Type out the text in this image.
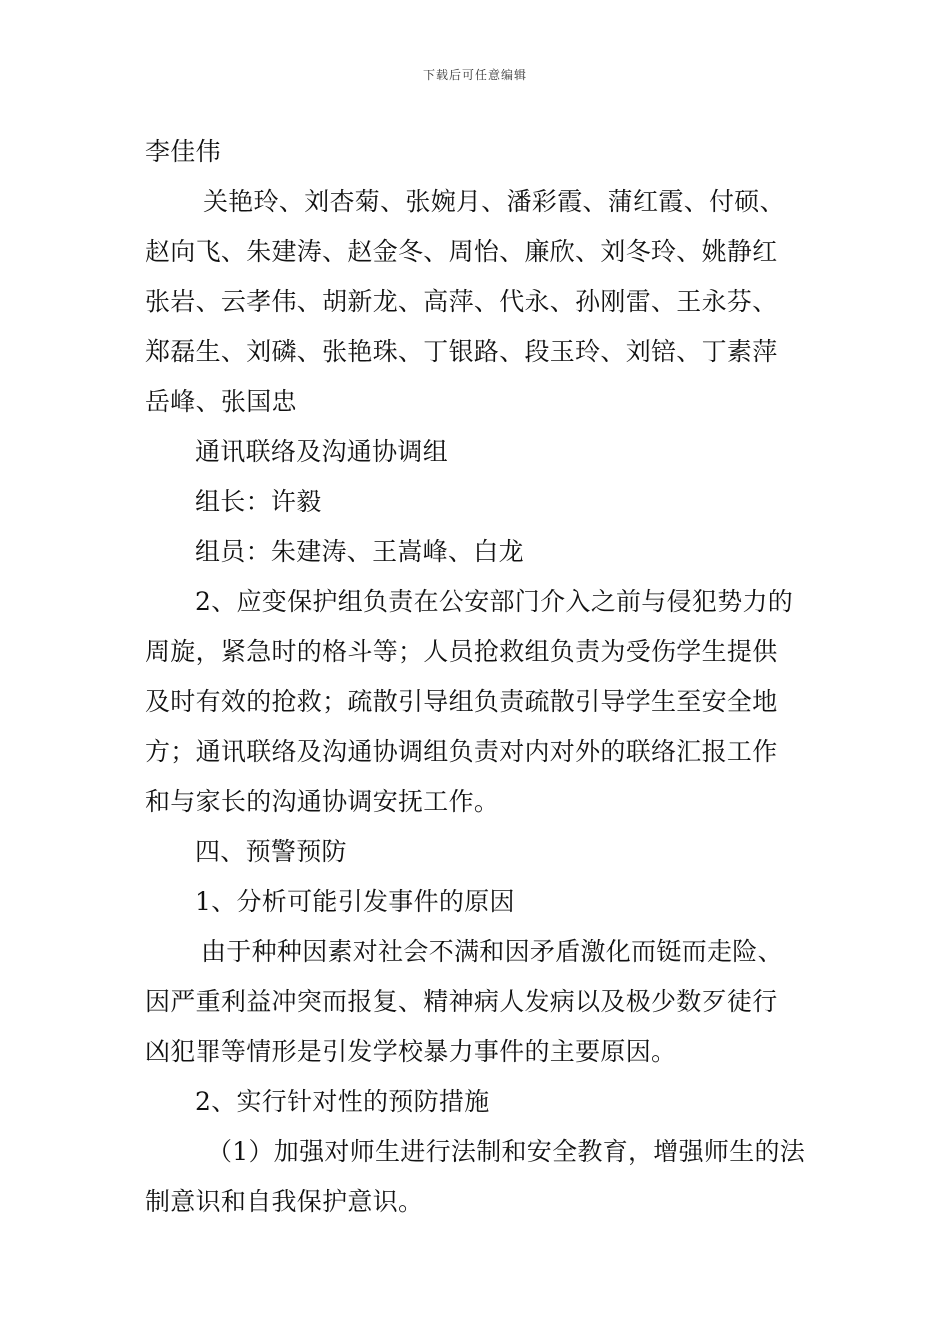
下载后可任意编辑
李佳伟
关艳玲、刘杏菊、张婉月、潘彩霞、蒲红霞、付硕、
赵向飞、朱建涛、赵金冬、周怡、廉欣、刘冬玲、姚静红
张岩、云孝伟、胡新龙、高萍、代永、孙刚雷、王永芬、
郑磊生、刘磷、张艳珠、丁银路、段玉玲、刘锫、丁素萍
岳峰、张国忠
通讯联络及沟通协调组
组长：许毅
组员：朱建涛、王嵩峰、白龙
2、应变保护组负责在公安部门介入之前与侵犯势力的
周旋，紧急时的格斗等；人员抢救组负责为受伤学生提供
及时有效的抢救；疏散引导组负责疏散引导学生至安全地
方；通讯联络及沟通协调组负责对内对外的联络汇报工作
和与家长的沟通协调安抚工作。
四、预警预防
1、分析可能引发事件的原因
由于种种因素对社会不满和因矛盾激化而铤而走险、
因严重利益冲突而报复、精神病人发病以及极少数歹徒行
凶犯罪等情形是引发学校暴力事件的主要原因。
2、实行针对性的预防措施
（1）加强对师生进行法制和安全教育，增强师生的法
制意识和自我保护意识。
